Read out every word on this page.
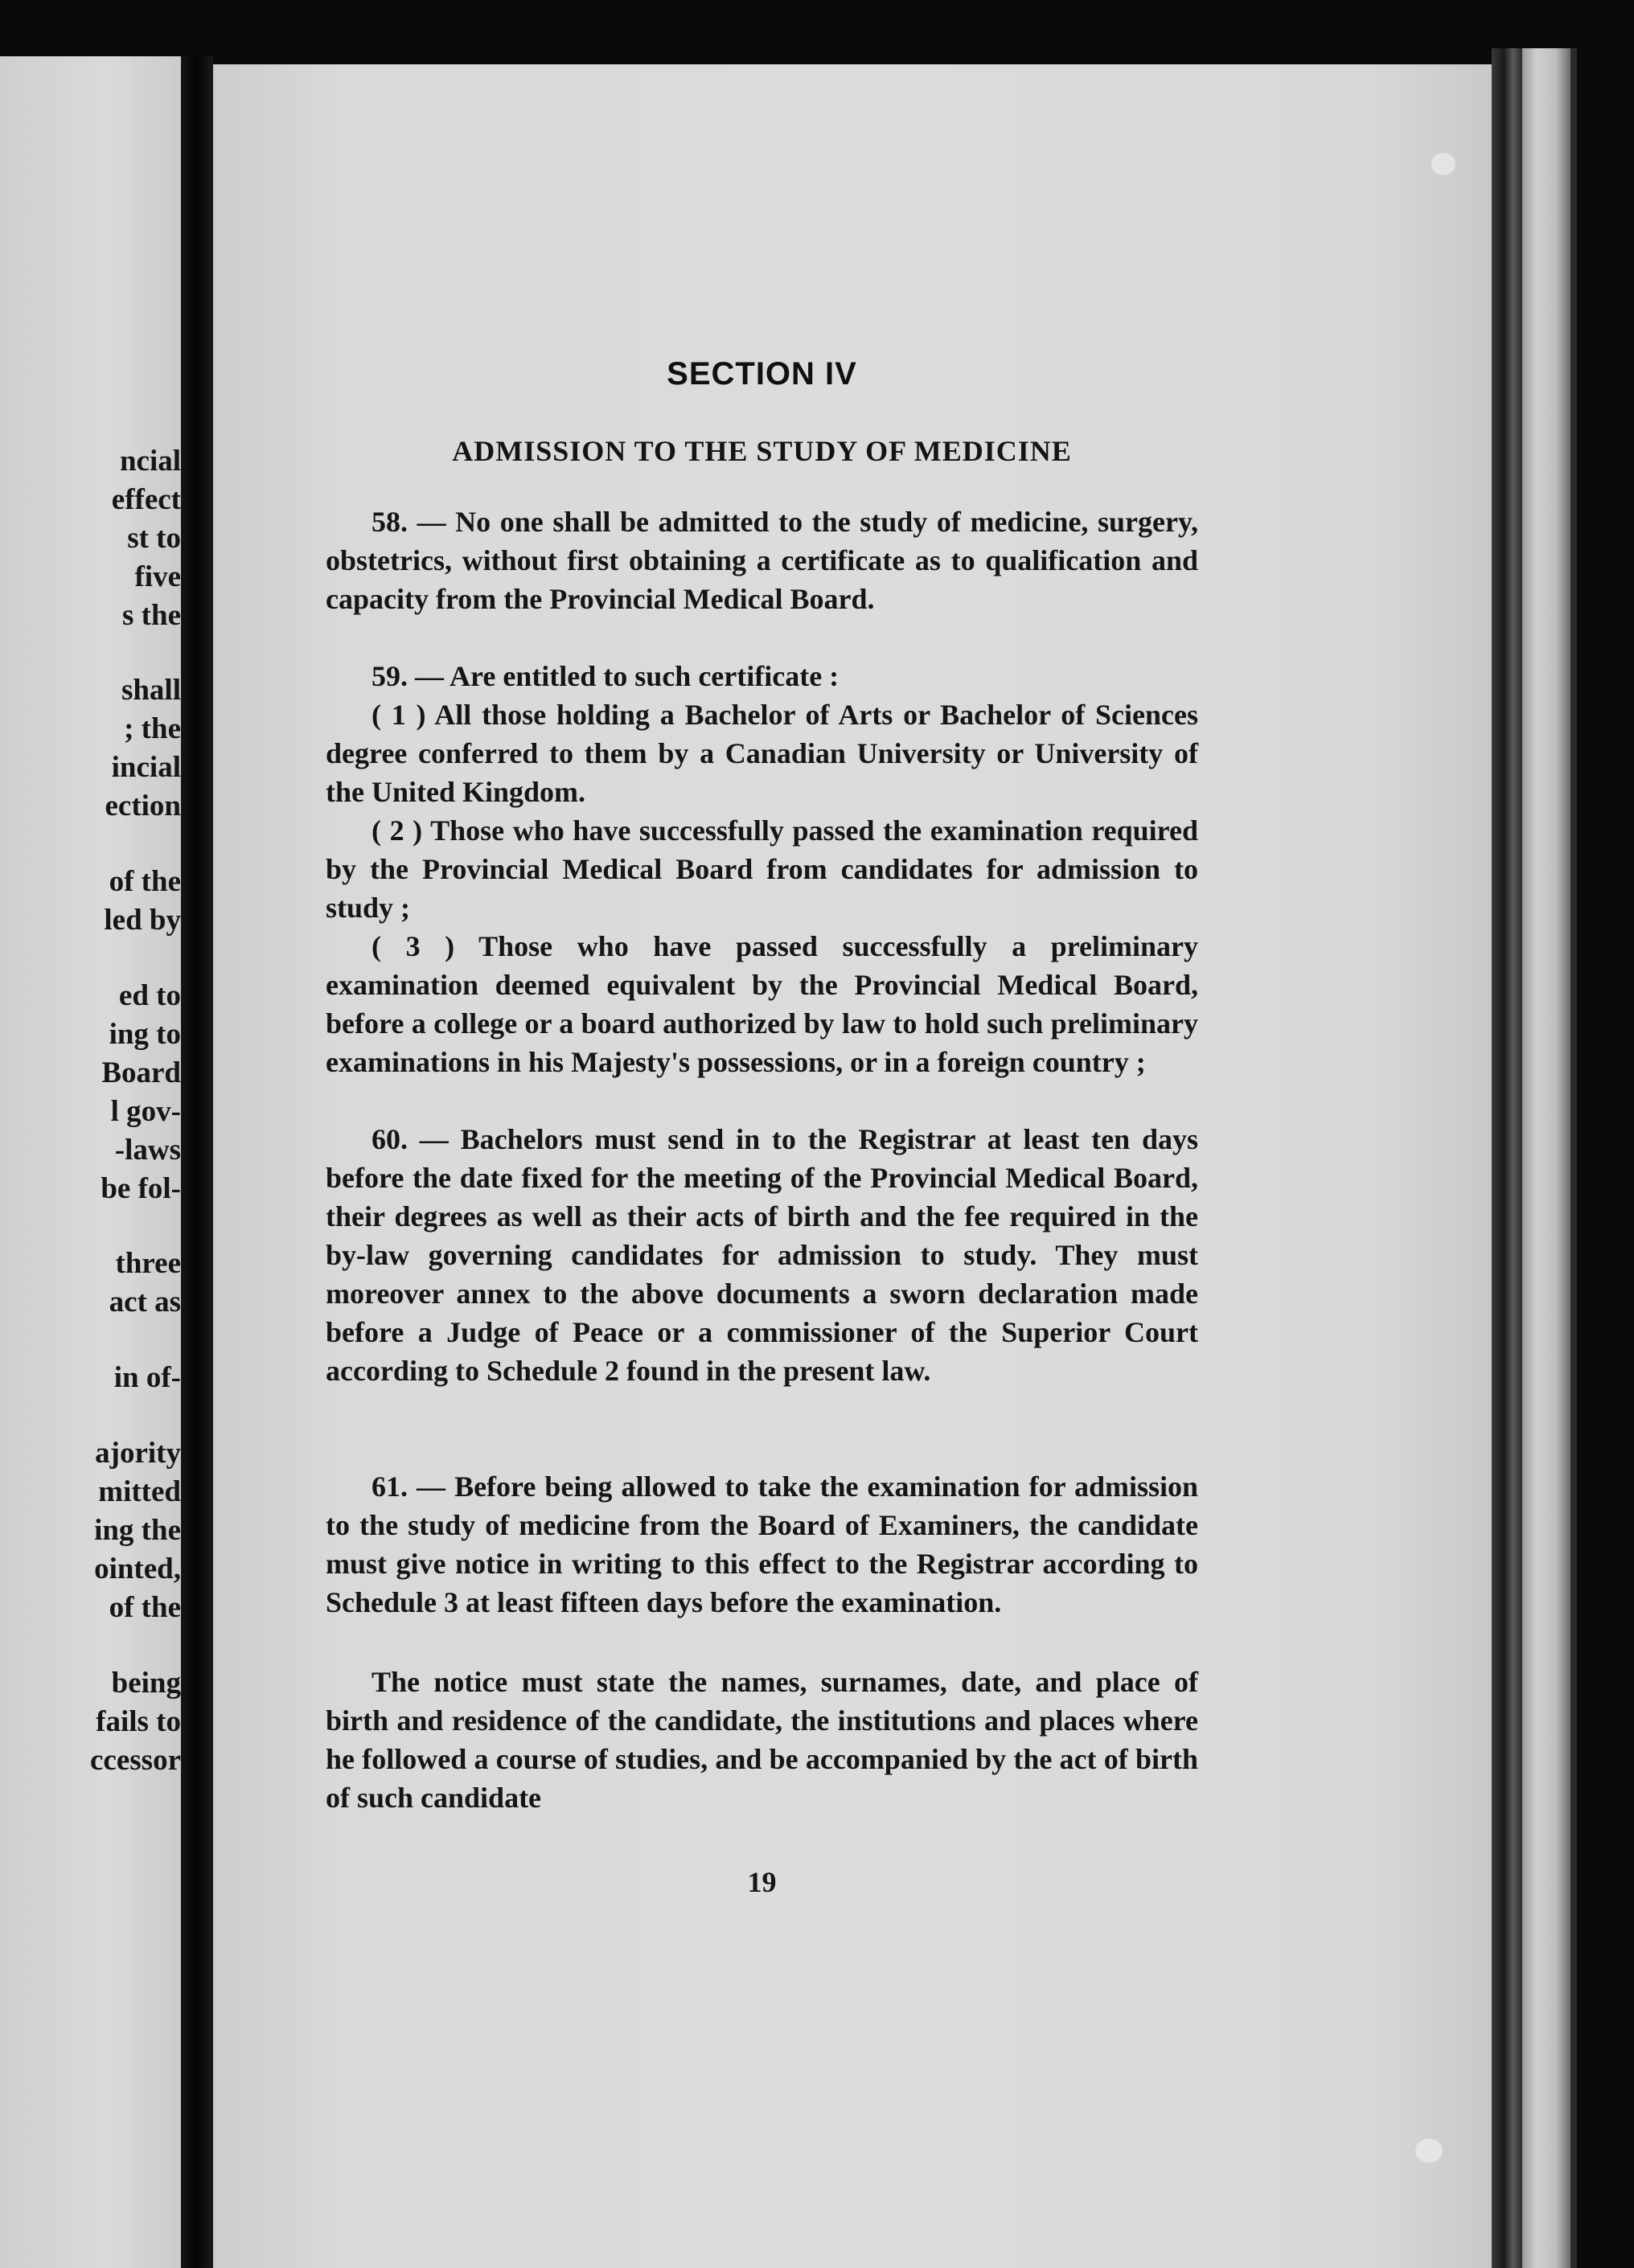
ncial
effect
st to
five
s the
shall
; the
incial
ection
of the
led by
ed to
ing to
Board
l gov-
-laws
be fol-
three
act as
in of-
ajority
mitted
ing the
ointed,
of the
being
fails to
ccessor
SECTION IV
ADMISSION TO THE STUDY OF MEDICINE

58. — No one shall be admitted to the study of medicine, surgery, obstetrics, without first obtaining a certificate as to qualification and capacity from the Provincial Medical Board.

59. — Are entitled to such certificate :

( 1 ) All those holding a Bachelor of Arts or Bachelor of Sciences degree conferred to them by a Canadian University or University of the United Kingdom.

( 2 ) Those who have successfully passed the examination required by the Provincial Medical Board from candidates for admission to study ;

( 3 ) Those who have passed successfully a preliminary examination deemed equivalent by the Provincial Medical Board, before a college or a board authorized by law to hold such preliminary examinations in his Majesty's possessions, or in a foreign country ;

60. — Bachelors must send in to the Registrar at least ten days before the date fixed for the meeting of the Provincial Medical Board, their degrees as well as their acts of birth and the fee required in the by-law governing candidates for admission to study. They must moreover annex to the above documents a sworn declaration made before a Judge of Peace or a commissioner of the Superior Court according to Schedule 2 found in the present law.

61. — Before being allowed to take the examination for admission to the study of medicine from the Board of Examiners, the candidate must give notice in writing to this effect to the Registrar according to Schedule 3 at least fifteen days before the examination.

The notice must state the names, surnames, date, and place of birth and residence of the candidate, the institutions and places where he followed a course of studies, and be accompanied by the act of birth of such candidate

19
